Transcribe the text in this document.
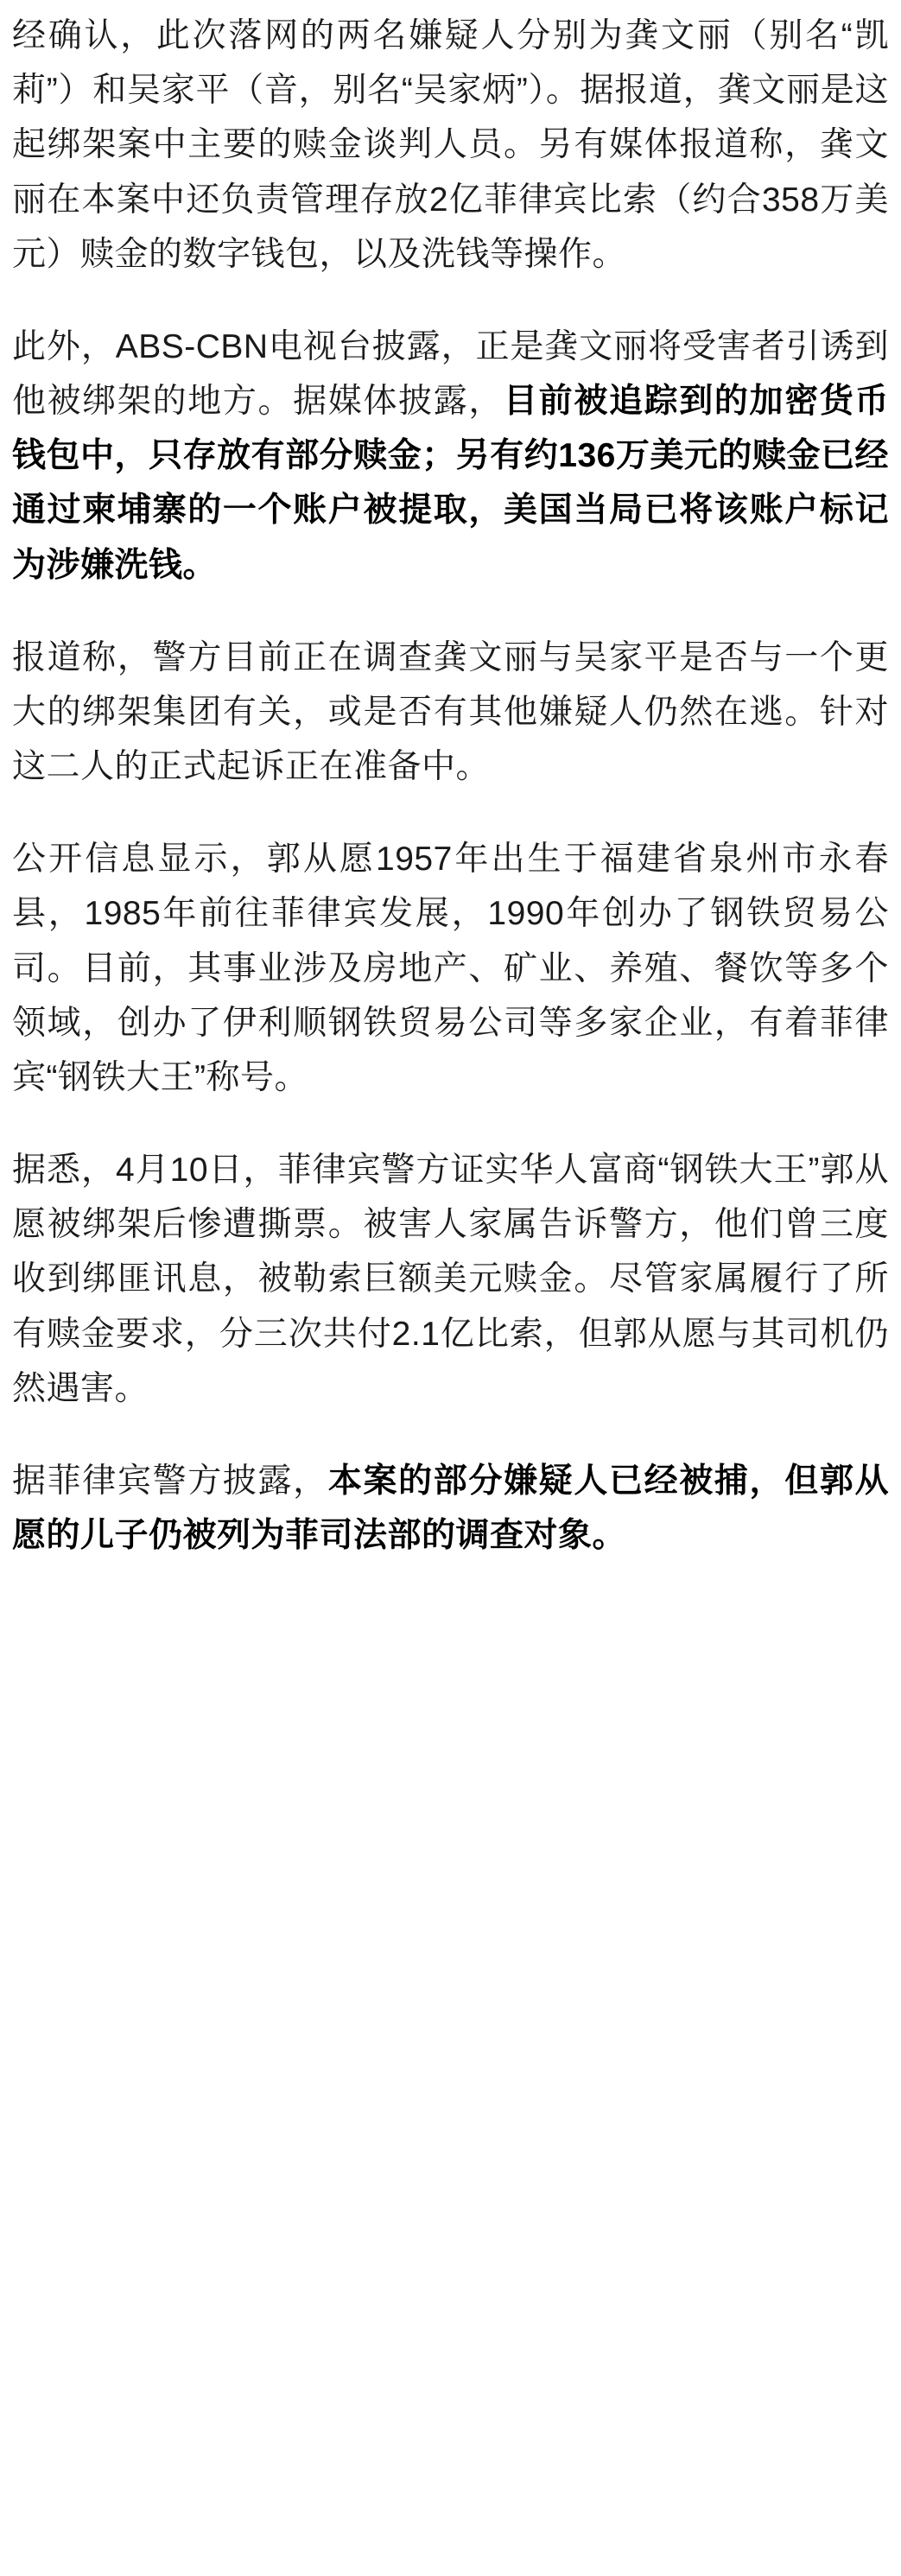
经确认，此次落网的两名嫌疑人分别为龚文丽（别名“凯莉”）和吴家平（音，别名“吴家炳”）。据报道，龚文丽是这起绑架案中主要的赎金谈判人员。另有媒体报道称，龚文丽在本案中还负责管理存放2亿菲律宾比索（约合358万美元）赎金的数字钱包，以及洗钱等操作。

此外，ABS-CBN电视台披露，正是龚文丽将受害者引诱到他被绑架的地方。据媒体披露，目前被追踪到的加密货币钱包中，只存放有部分赎金；另有约136万美元的赎金已经通过柬埔寨的一个账户被提取，美国当局已将该账户标记为涉嫌洗钱。

报道称，警方目前正在调查龚文丽与吴家平是否与一个更大的绑架集团有关，或是否有其他嫌疑人仍然在逃。针对这二人的正式起诉正在准备中。

公开信息显示，郭从愿1957年出生于福建省泉州市永春县，1985年前往菲律宾发展，1990年创办了钢铁贸易公司。目前，其事业涉及房地产、矿业、养殖、餐饮等多个领域，创办了伊利顺钢铁贸易公司等多家企业，有着菲律宾“钢铁大王”称号。

据悉，4月10日，菲律宾警方证实华人富商“钢铁大王”郭从愿被绑架后惨遭撕票。被害人家属告诉警方，他们曾三度收到绑匪讯息，被勒索巨额美元赎金。尽管家属履行了所有赎金要求，分三次共付2.1亿比索，但郭从愿与其司机仍然遇害。

据菲律宾警方披露，本案的部分嫌疑人已经被捕，但郭从愿的儿子仍被列为菲司法部的调查对象。
